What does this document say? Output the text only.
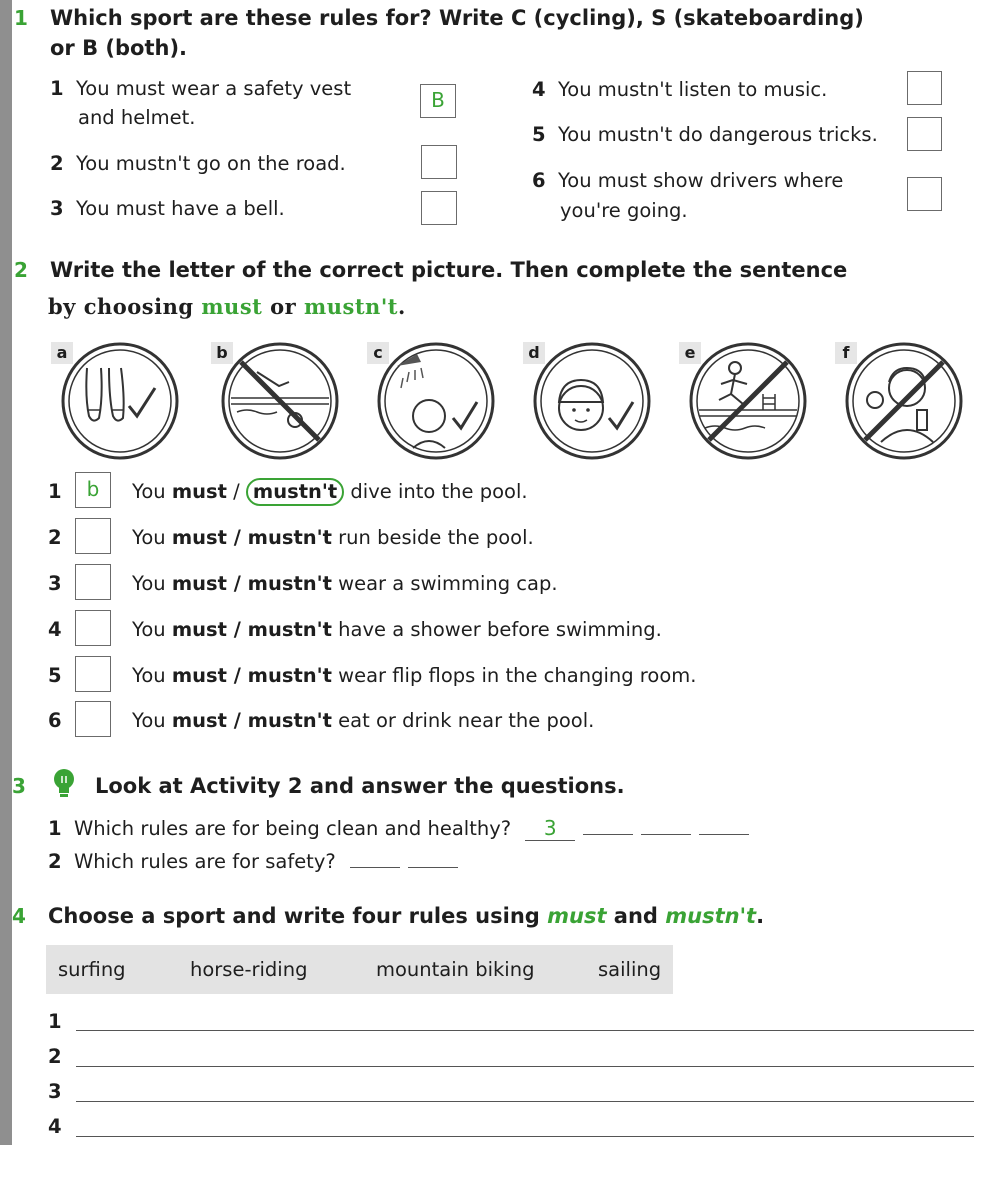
1 Which sport are these rules for? Write C (cycling), S (skateboarding)
or B (both).
1 You must wear a safety vest
and helmet.
B
2 You mustn't go on the road.
3 You must have a bell.
4 You mustn't listen to music.
5 You mustn't do dangerous tricks.
6 You must show drivers where
you're going.
2 Write the letter of the correct picture. Then complete the sentence
by choosing must or mustn't.
a	b	c	d	e	f
1	b	You must / mustn't dive into the pool.
2	You must / mustn't run beside the pool.
3	You must / mustn't wear a swimming cap.
4	You must / mustn't have a shower before swimming.
5	You must / mustn't wear flip flops in the changing room.
6	You must / mustn't eat or drink near the pool.
3	Look at Activity 2 and answer the questions.
1 Which rules are for being clean and healthy? 3
2 Which rules are for safety?
4 Choose a sport and write four rules using must and mustn't.
surfing	horse-riding	mountain biking	sailing
1
2
3
4
